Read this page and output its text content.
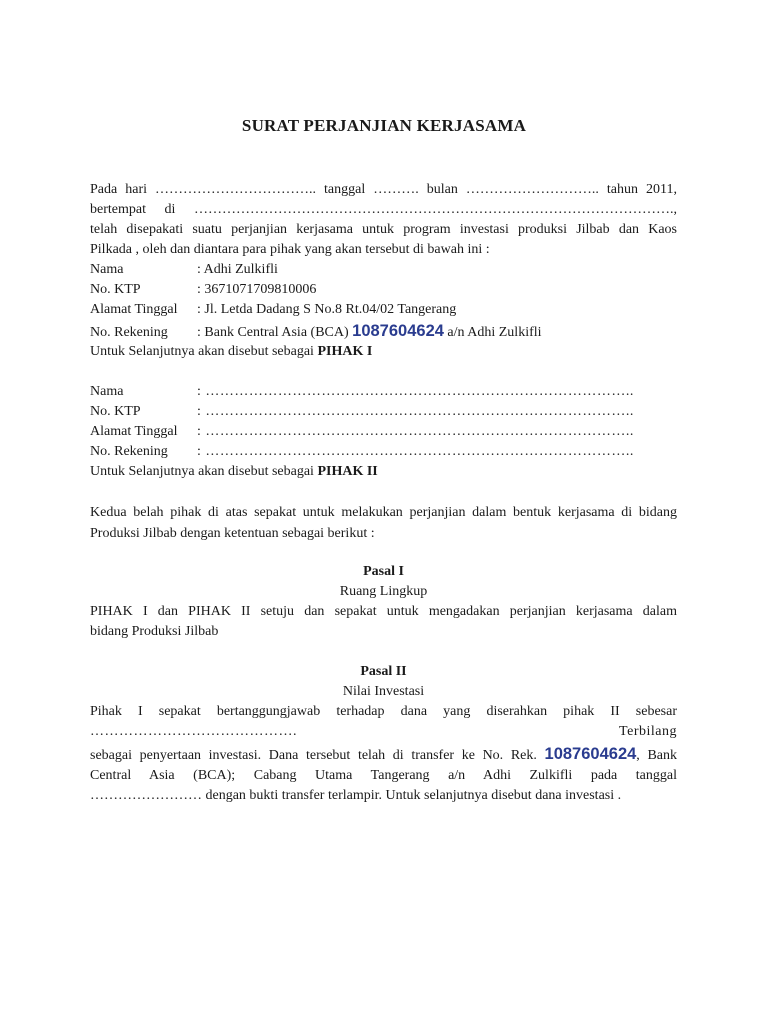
SURAT PERJANJIAN KERJASAMA
Pada hari …………………………….. tanggal ………. bulan ……………………….. tahun 2011,
bertempat di ………………………………………………………………………………………….,
telah disepakati suatu perjanjian kerjasama untuk program investasi produksi Jilbab dan Kaos
Pilkada , oleh dan diantara para pihak yang akan tersebut di bawah ini :
Nama	: Adhi Zulkifli
No. KTP	: 3671071709810006
Alamat Tinggal : Jl. Letda Dadang S No.8 Rt.04/02 Tangerang
No. Rekening : Bank Central Asia (BCA) 1087604624 a/n Adhi Zulkifli
Untuk Selanjutnya akan disebut sebagai PIHAK I
Nama	: ……………………………………………………………………………..
No. KTP	: ……………………………………………………………………………..
Alamat Tinggal : ……………………………………………………………………………..
No. Rekening : ……………………………………………………………………………..
Untuk Selanjutnya akan disebut sebagai PIHAK II
Kedua belah pihak di atas sepakat untuk melakukan perjanjian dalam bentuk kerjasama di bidang
Produksi Jilbab dengan ketentuan sebagai berikut :
Pasal I
Ruang Lingkup
PIHAK I dan PIHAK II setuju dan sepakat untuk mengadakan perjanjian kerjasama dalam
bidang Produksi Jilbab
Pasal II
Nilai Investasi
Pihak I sepakat bertanggungjawab terhadap dana yang diserahkan pihak II sebesar
……………………………………. Terbilang
sebagai penyertaan investasi. Dana tersebut telah di transfer ke No. Rek. 1087604624, Bank
Central Asia (BCA); Cabang Utama Tangerang a/n Adhi Zulkifli pada tanggal
…………………… dengan bukti transfer terlampir. Untuk selanjutnya disebut dana investasi .
